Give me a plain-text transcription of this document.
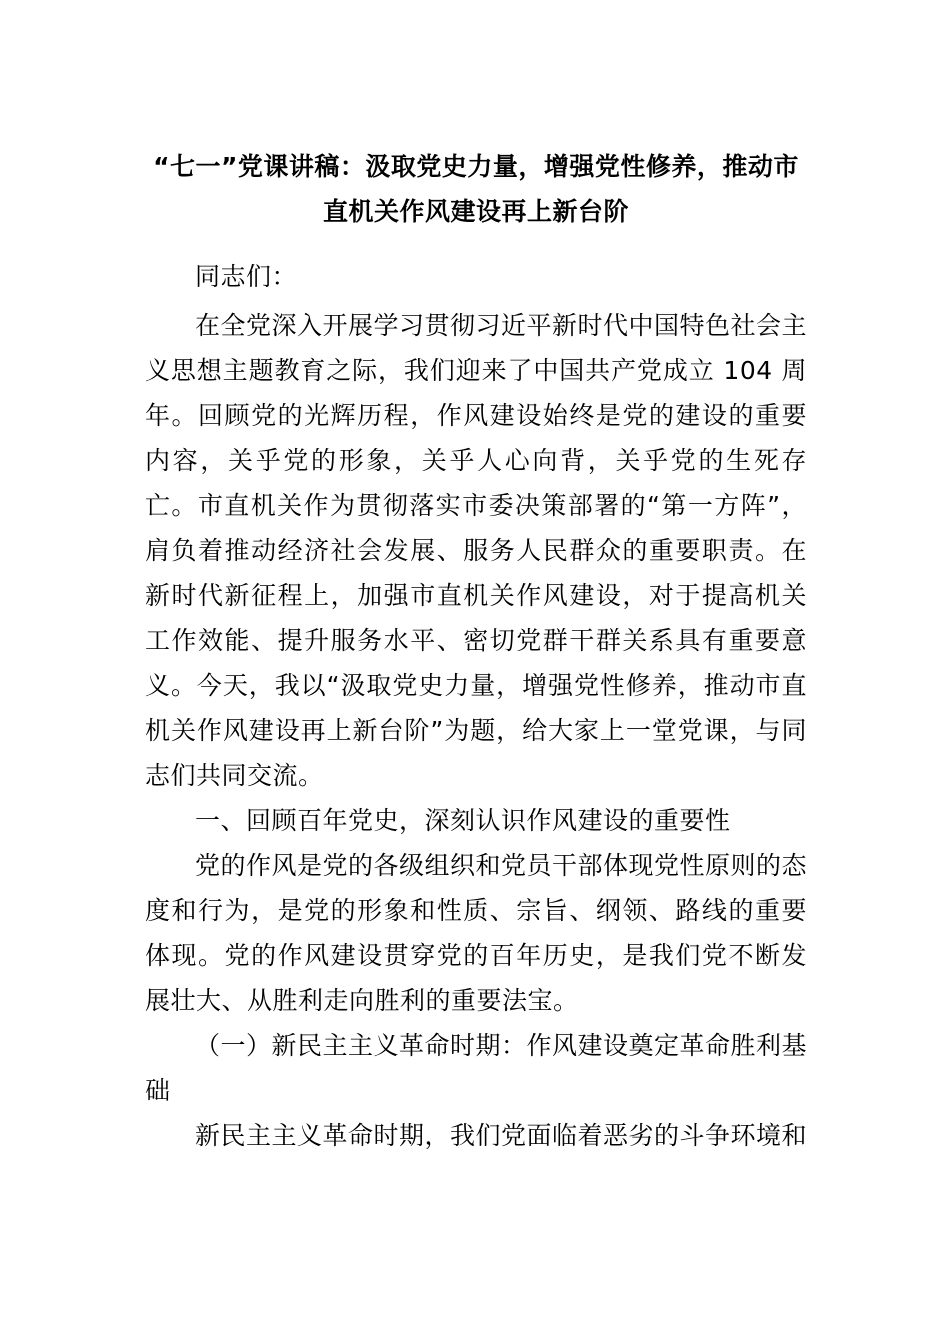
“七一”党课讲稿：汲取党史力量，增强党性修养，推动市直机关作风建设再上新台阶

同志们：

在全党深入开展学习贯彻习近平新时代中国特色社会主义思想主题教育之际，我们迎来了中国共产党成立 104 周年。回顾党的光辉历程，作风建设始终是党的建设的重要内容，关乎党的形象，关乎人心向背，关乎党的生死存亡。市直机关作为贯彻落实市委决策部署的“第一方阵”，肩负着推动经济社会发展、服务人民群众的重要职责。在新时代新征程上，加强市直机关作风建设，对于提高机关工作效能、提升服务水平、密切党群干群关系具有重要意义。今天，我以“汲取党史力量，增强党性修养，推动市直机关作风建设再上新台阶”为题，给大家上一堂党课，与同志们共同交流。

一、回顾百年党史，深刻认识作风建设的重要性

党的作风是党的各级组织和党员干部体现党性原则的态度和行为，是党的形象和性质、宗旨、纲领、路线的重要体现。党的作风建设贯穿党的百年历史，是我们党不断发展壮大、从胜利走向胜利的重要法宝。

（一）新民主主义革命时期：作风建设奠定革命胜利基础

新民主主义革命时期，我们党面临着恶劣的斗争环境和
